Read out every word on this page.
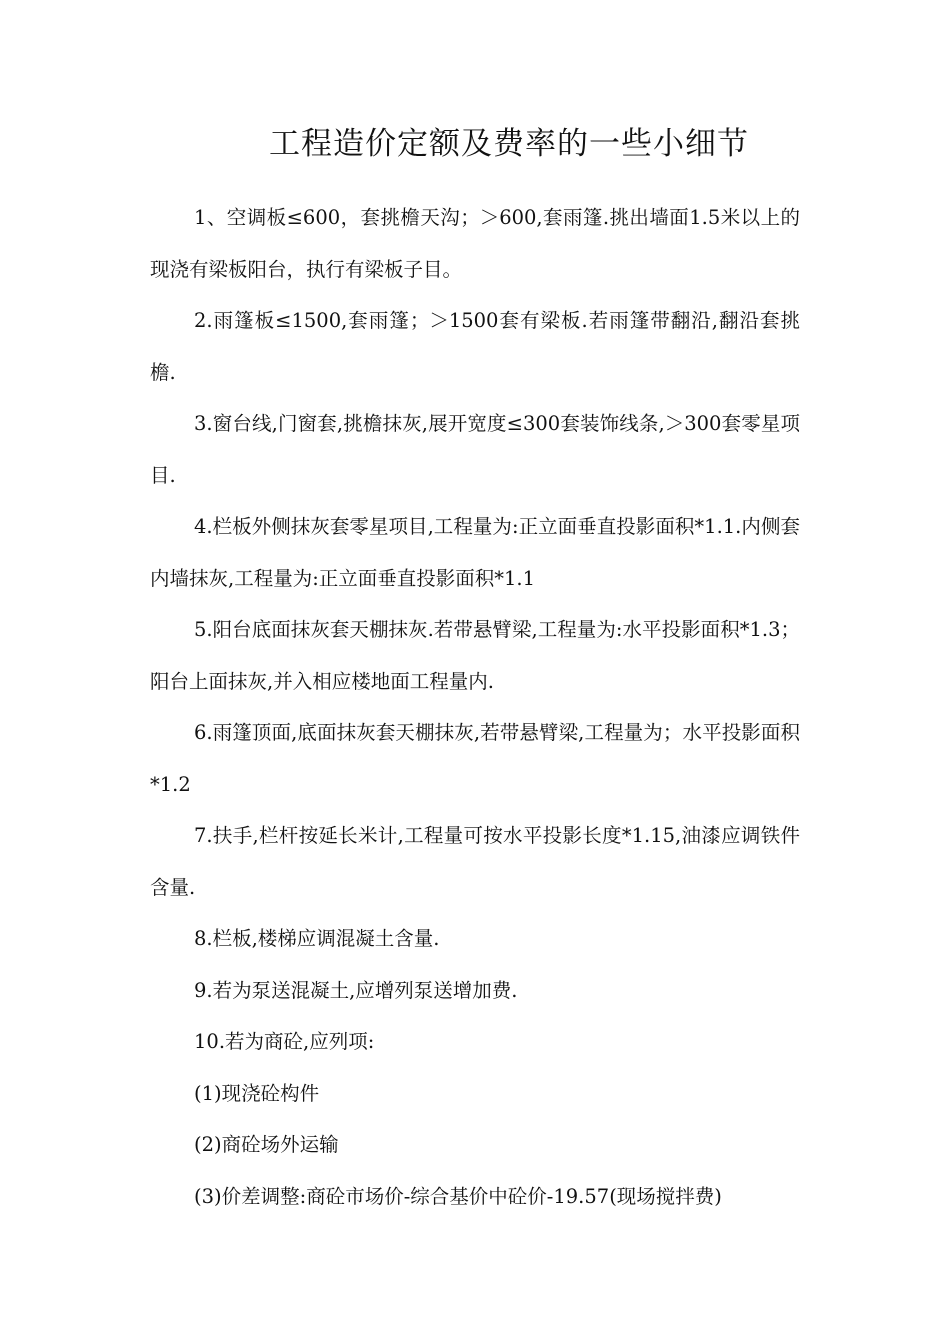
工程造价定额及费率的一些小细节

1、空调板≤600，套挑檐天沟；＞600,套雨篷.挑出墙面1.5米以上的现浇有梁板阳台，执行有梁板子目。

2.雨篷板≤1500,套雨篷；＞1500套有梁板.若雨篷带翻沿,翻沿套挑檐.

3.窗台线,门窗套,挑檐抹灰,展开宽度≤300套装饰线条,＞300套零星项目.

4.栏板外侧抹灰套零星项目,工程量为:正立面垂直投影面积*1.1.内侧套内墙抹灰,工程量为:正立面垂直投影面积*1.1

5.阳台底面抹灰套天棚抹灰.若带悬臂梁,工程量为:水平投影面积*1.3；阳台上面抹灰,并入相应楼地面工程量内.

6.雨篷顶面,底面抹灰套天棚抹灰,若带悬臂梁,工程量为；水平投影面积*1.2

7.扶手,栏杆按延长米计,工程量可按水平投影长度*1.15,油漆应调铁件含量.

8.栏板,楼梯应调混凝土含量.

9.若为泵送混凝土,应增列泵送增加费.

10.若为商砼,应列项:

(1)现浇砼构件

(2)商砼场外运输

(3)价差调整:商砼市场价-综合基价中砼价-19.57(现场搅拌费)
